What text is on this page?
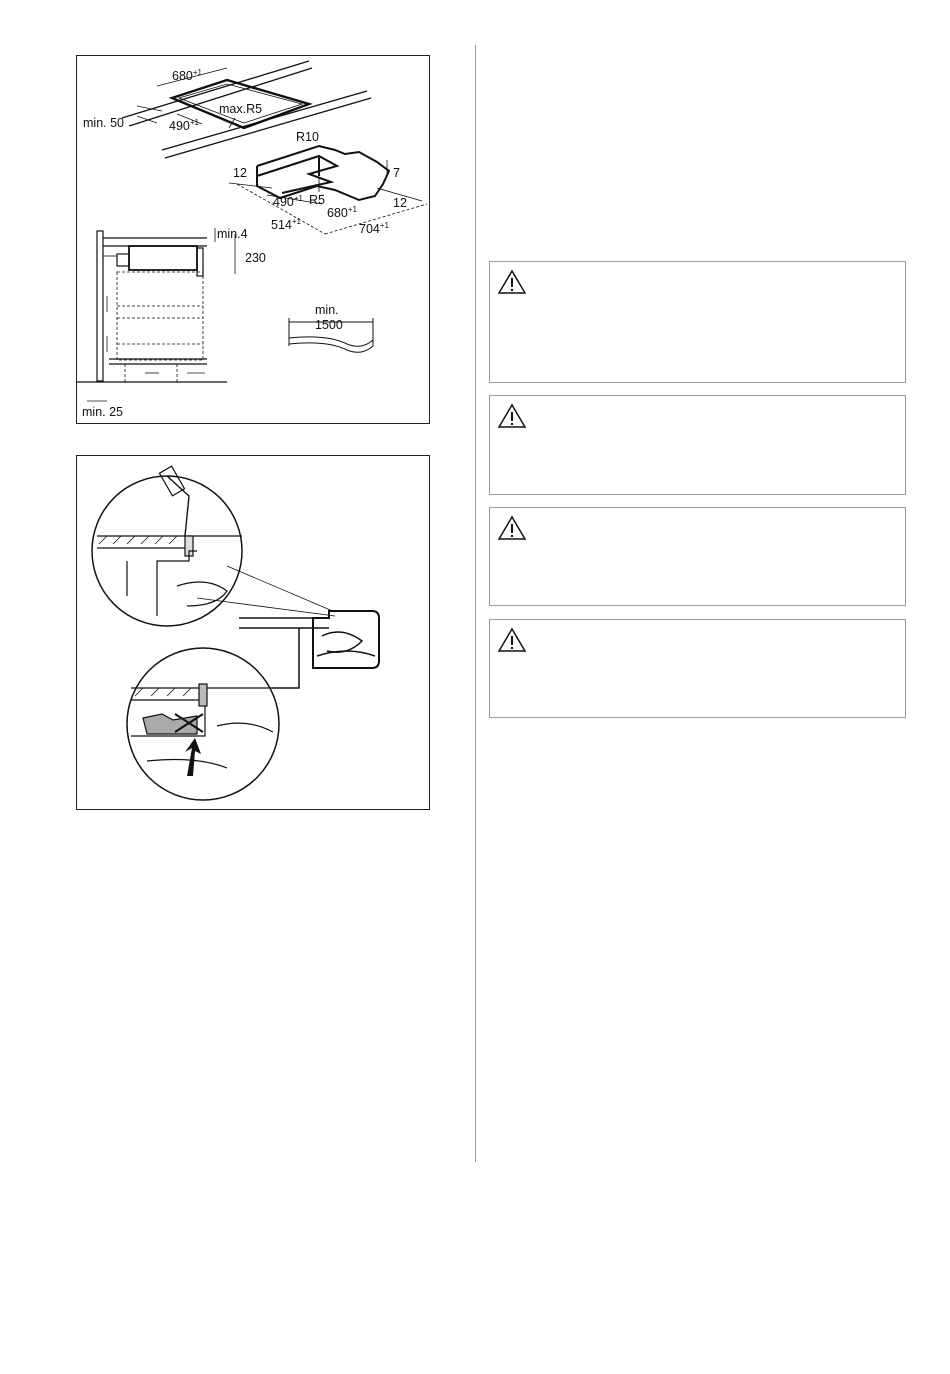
$680^{+1}$
max.R5
min. 50	$490^{+1}$
R10
12	7
$490^{+1}$ R5
$680^{+1}$	12
$514^{+1}$
$704^{+1}$
min.4
230
min. 25
min.
1500
